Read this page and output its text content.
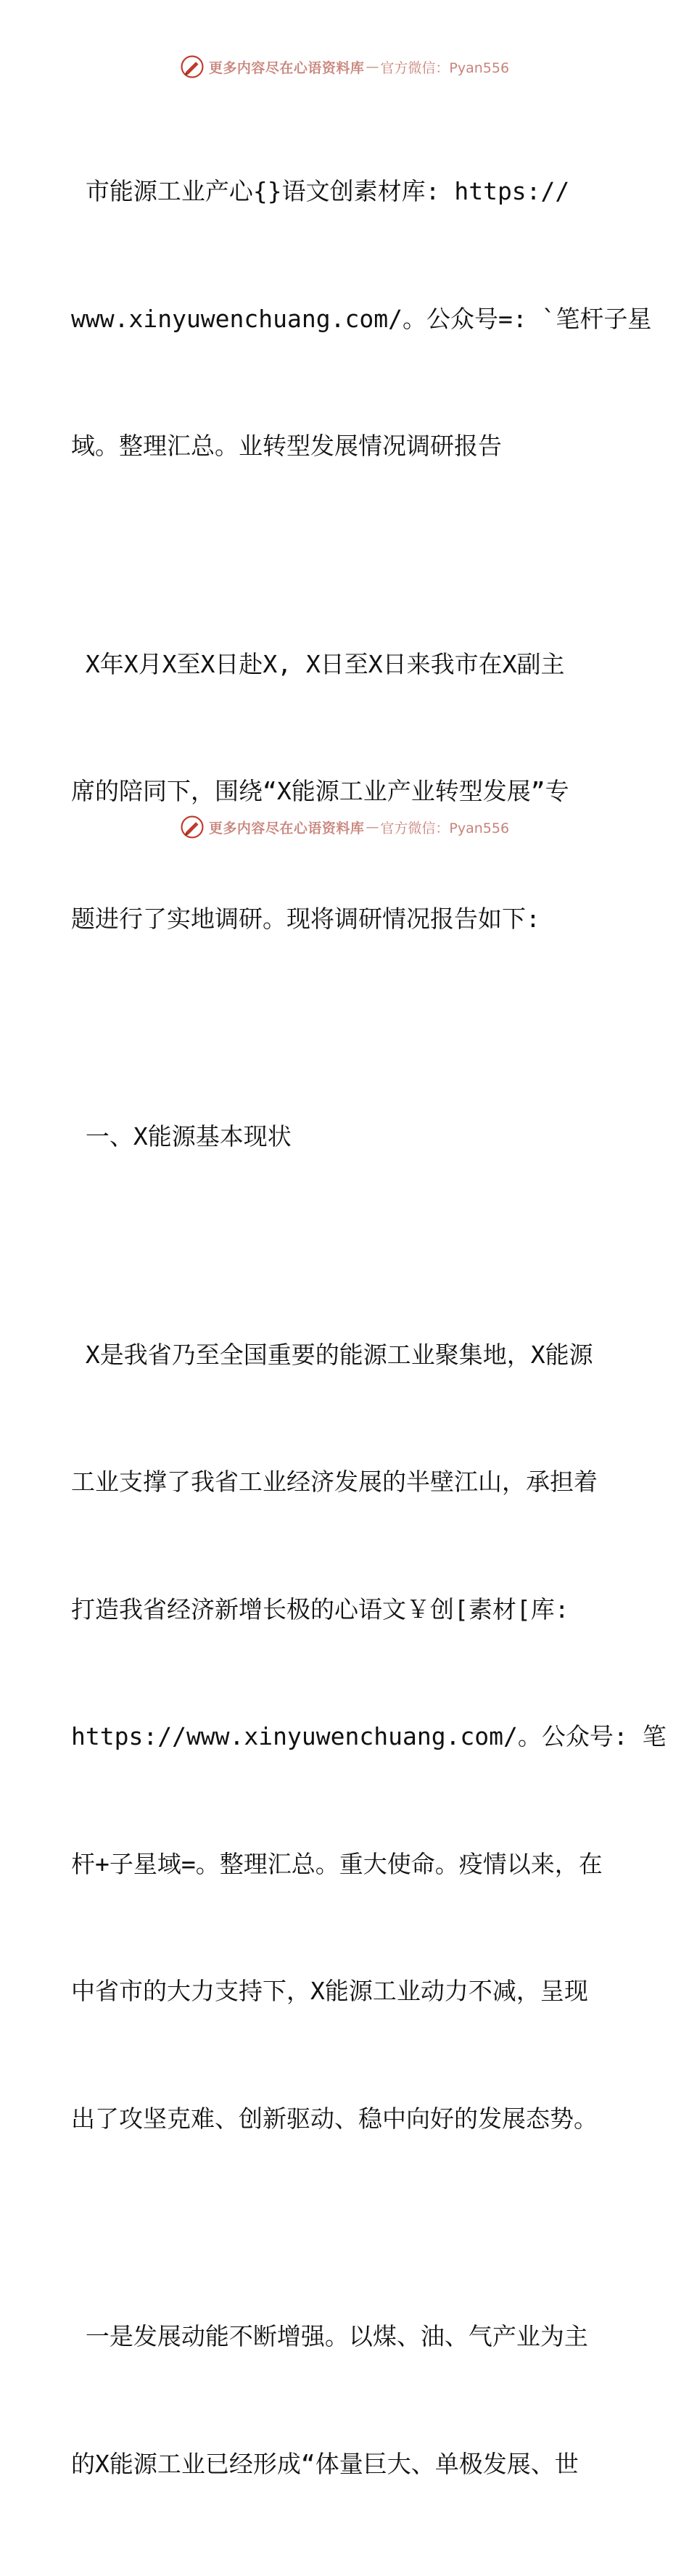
更多内容尽在心语资料库 — 官方微信：Pyan556

市能源工业产心{}语文创素材库: https://

www.xinyuwenchuang.com/。公众号=: `笔杆子星

域。整理汇总。业转型发展情况调研报告

X年X月X至X日赴X, X日至X日来我市在X副主

席的陪同下，围绕“X能源工业产业转型发展”专

题进行了实地调研。现将调研情况报告如下:

一、X能源基本现状

X是我省乃至全国重要的能源工业聚集地，X能源

工业支撑了我省工业经济发展的半壁江山，承担着

打造我省经济新增长极的心语文￥创[素材[库:

https://www.xinyuwenchuang.com/。公众号: 笔

杆+子星域=。整理汇总。重大使命。疫情以来，在

中省市的大力支持下，X能源工业动力不减，呈现

出了攻坚克难、创新驱动、稳中向好的发展态势。

一是发展动能不断增强。以煤、油、气产业为主

的X能源工业已经形成“体量巨大、单极发展、世

更多内容尽在心语资料库 — 官方微信：Pyan556
